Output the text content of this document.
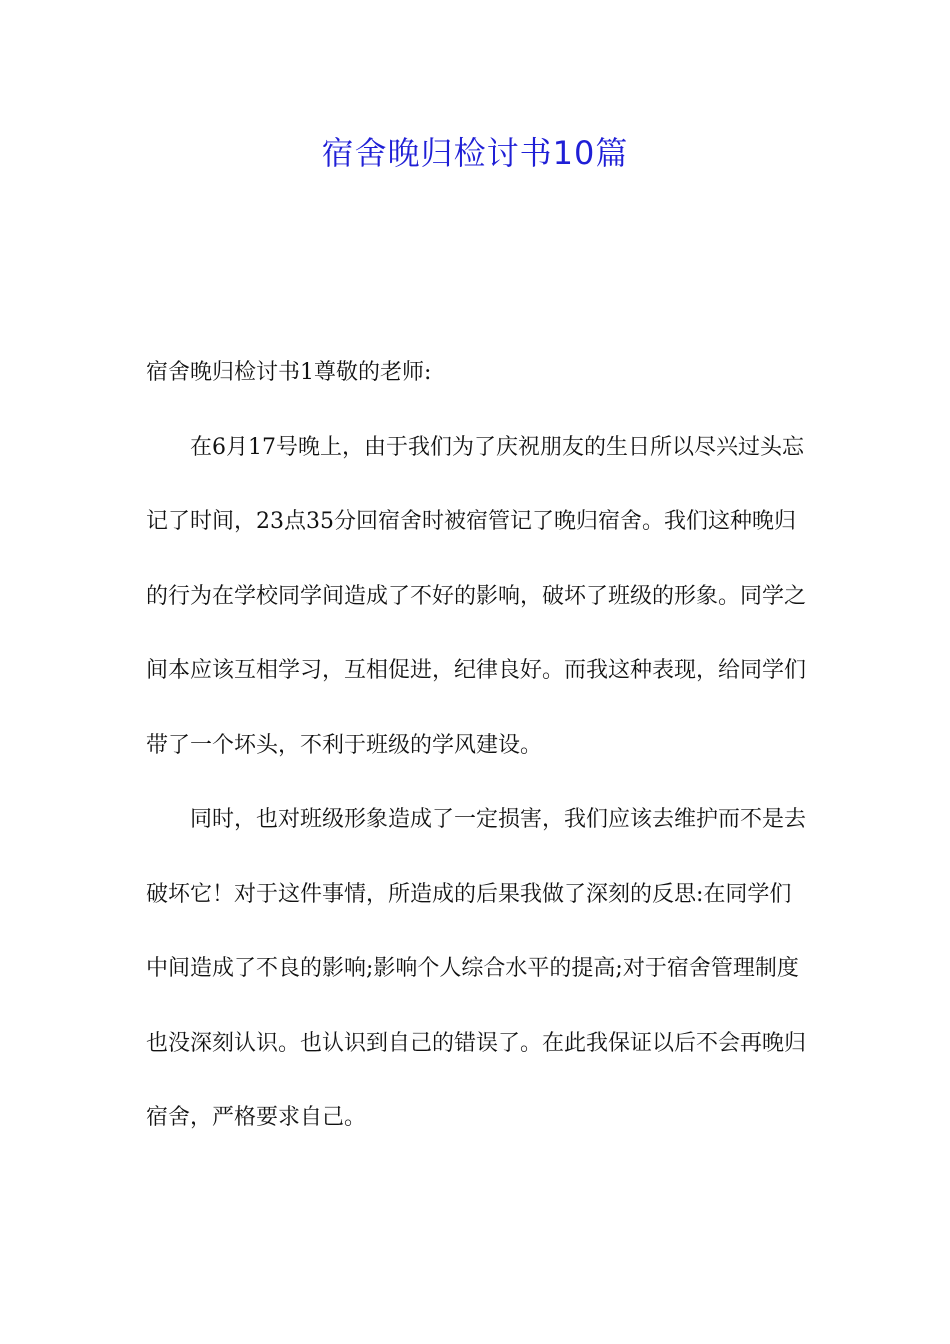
宿舍晚归检讨书10篇

宿舍晚归检讨书1尊敬的老师:

在6月17号晚上，由于我们为了庆祝朋友的生日所以尽兴过头忘记了时间，23点35分回宿舍时被宿管记了晚归宿舍。我们这种晚归的行为在学校同学间造成了不好的影响，破坏了班级的形象。同学之间本应该互相学习，互相促进，纪律良好。而我这种表现，给同学们带了一个坏头，不利于班级的学风建设。

同时，也对班级形象造成了一定损害，我们应该去维护而不是去破坏它！对于这件事情，所造成的后果我做了深刻的反思:在同学们中间造成了不良的影响;影响个人综合水平的提高;对于宿舍管理制度也没深刻认识。也认识到自己的错误了。在此我保证以后不会再晚归宿舍，严格要求自己。
